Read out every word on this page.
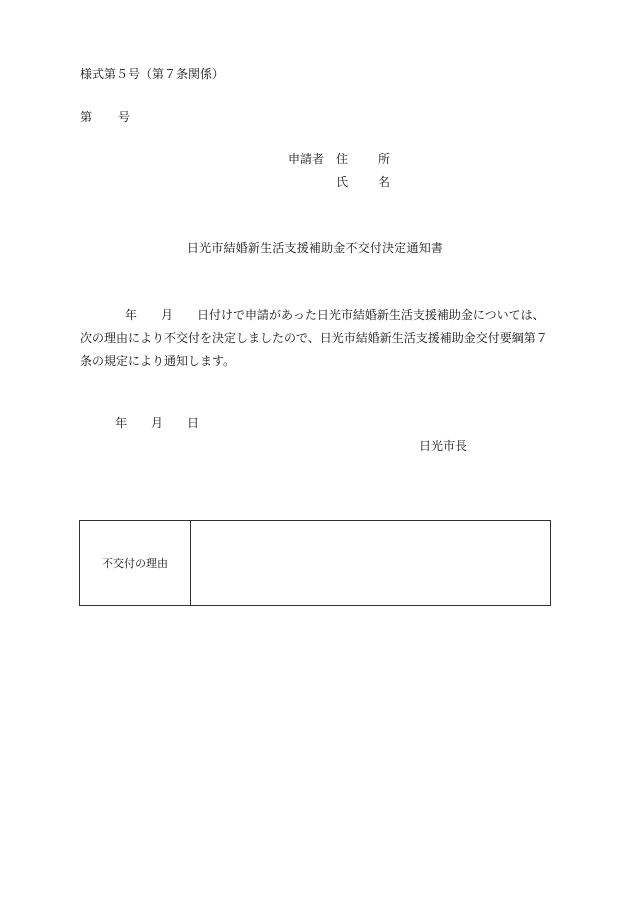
様式第５号（第７条関係）
第 号
申請者 住	所
氏	名
日光市結婚新生活支援補助金不交付決定通知書
年 月 日付けで申請があった日光市結婚新生活支援補助金については、次の理由により不交付を決定しましたので、日光市結婚新生活支援補助金交付要綱第７条の規定により通知します。
年 月 日
日光市長
不交付の理由
